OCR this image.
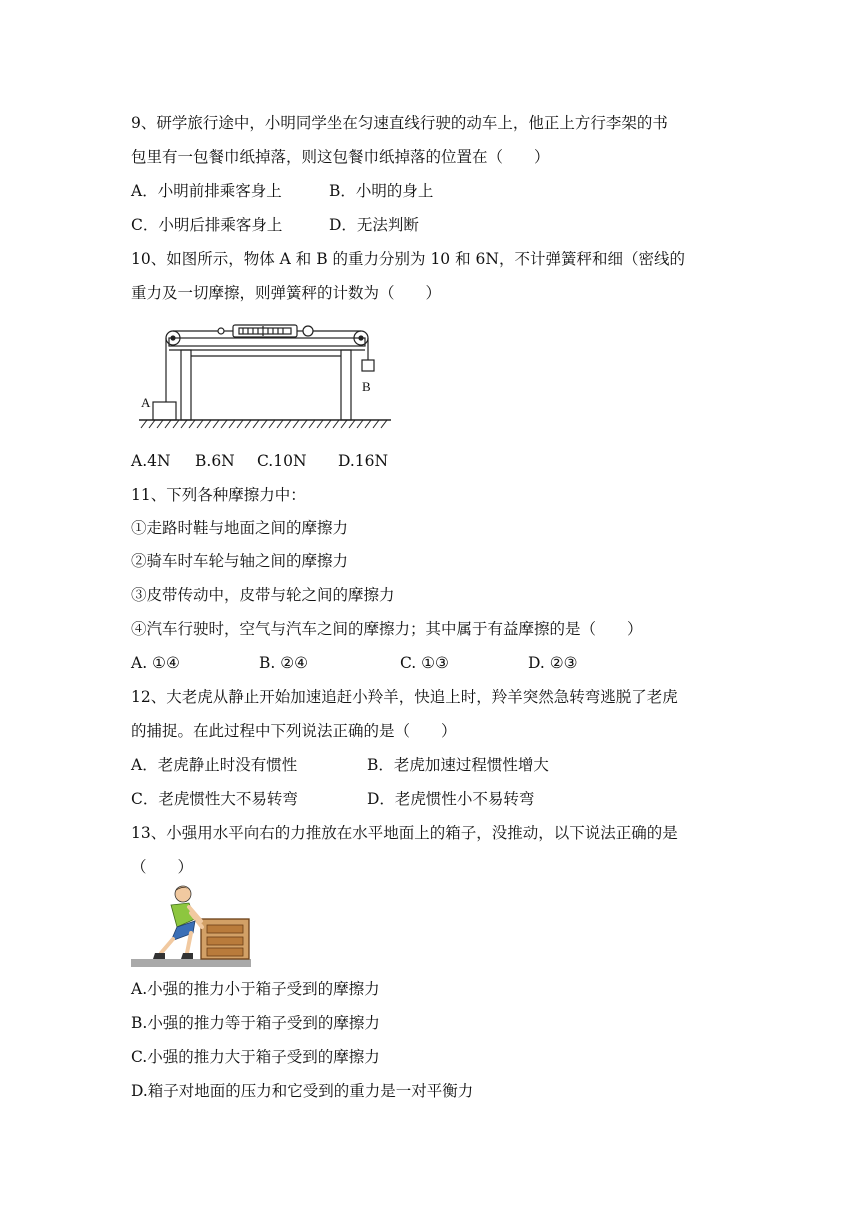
9、研学旅行途中，小明同学坐在匀速直线行驶的动车上，他正上方行李架的书
包里有一包餐巾纸掉落，则这包餐巾纸掉落的位置在（　　）
A．小明前排乘客身上	B．小明的身上
C．小明后排乘客身上	D．无法判断
10、如图所示，物体 A 和 B 的重力分别为 10 和 6N，不计弹簧秤和细（密线的
重力及一切摩擦，则弹簧秤的计数为（　　）
A
B
A.4N B.6N C.10N D.16N
11、下列各种摩擦力中：
①走路时鞋与地面之间的摩擦力
②骑车时车轮与轴之间的摩擦力
③皮带传动中，皮带与轮之间的摩擦力
④汽车行驶时，空气与汽车之间的摩擦力；其中属于有益摩擦的是（　　）
A. ①④	B. ②④	C. ①③	D. ②③
12、大老虎从静止开始加速追赶小羚羊，快追上时，羚羊突然急转弯逃脱了老虎
的捕捉。在此过程中下列说法正确的是（　　）
A．老虎静止时没有惯性	B．老虎加速过程惯性增大
C．老虎惯性大不易转弯	D．老虎惯性小不易转弯
13、小强用水平向右的力推放在水平地面上的箱子，没推动，以下说法正确的是
（　　）
A.小强的推力小于箱子受到的摩擦力
B.小强的推力等于箱子受到的摩擦力
C.小强的推力大于箱子受到的摩擦力
D.箱子对地面的压力和它受到的重力是一对平衡力
